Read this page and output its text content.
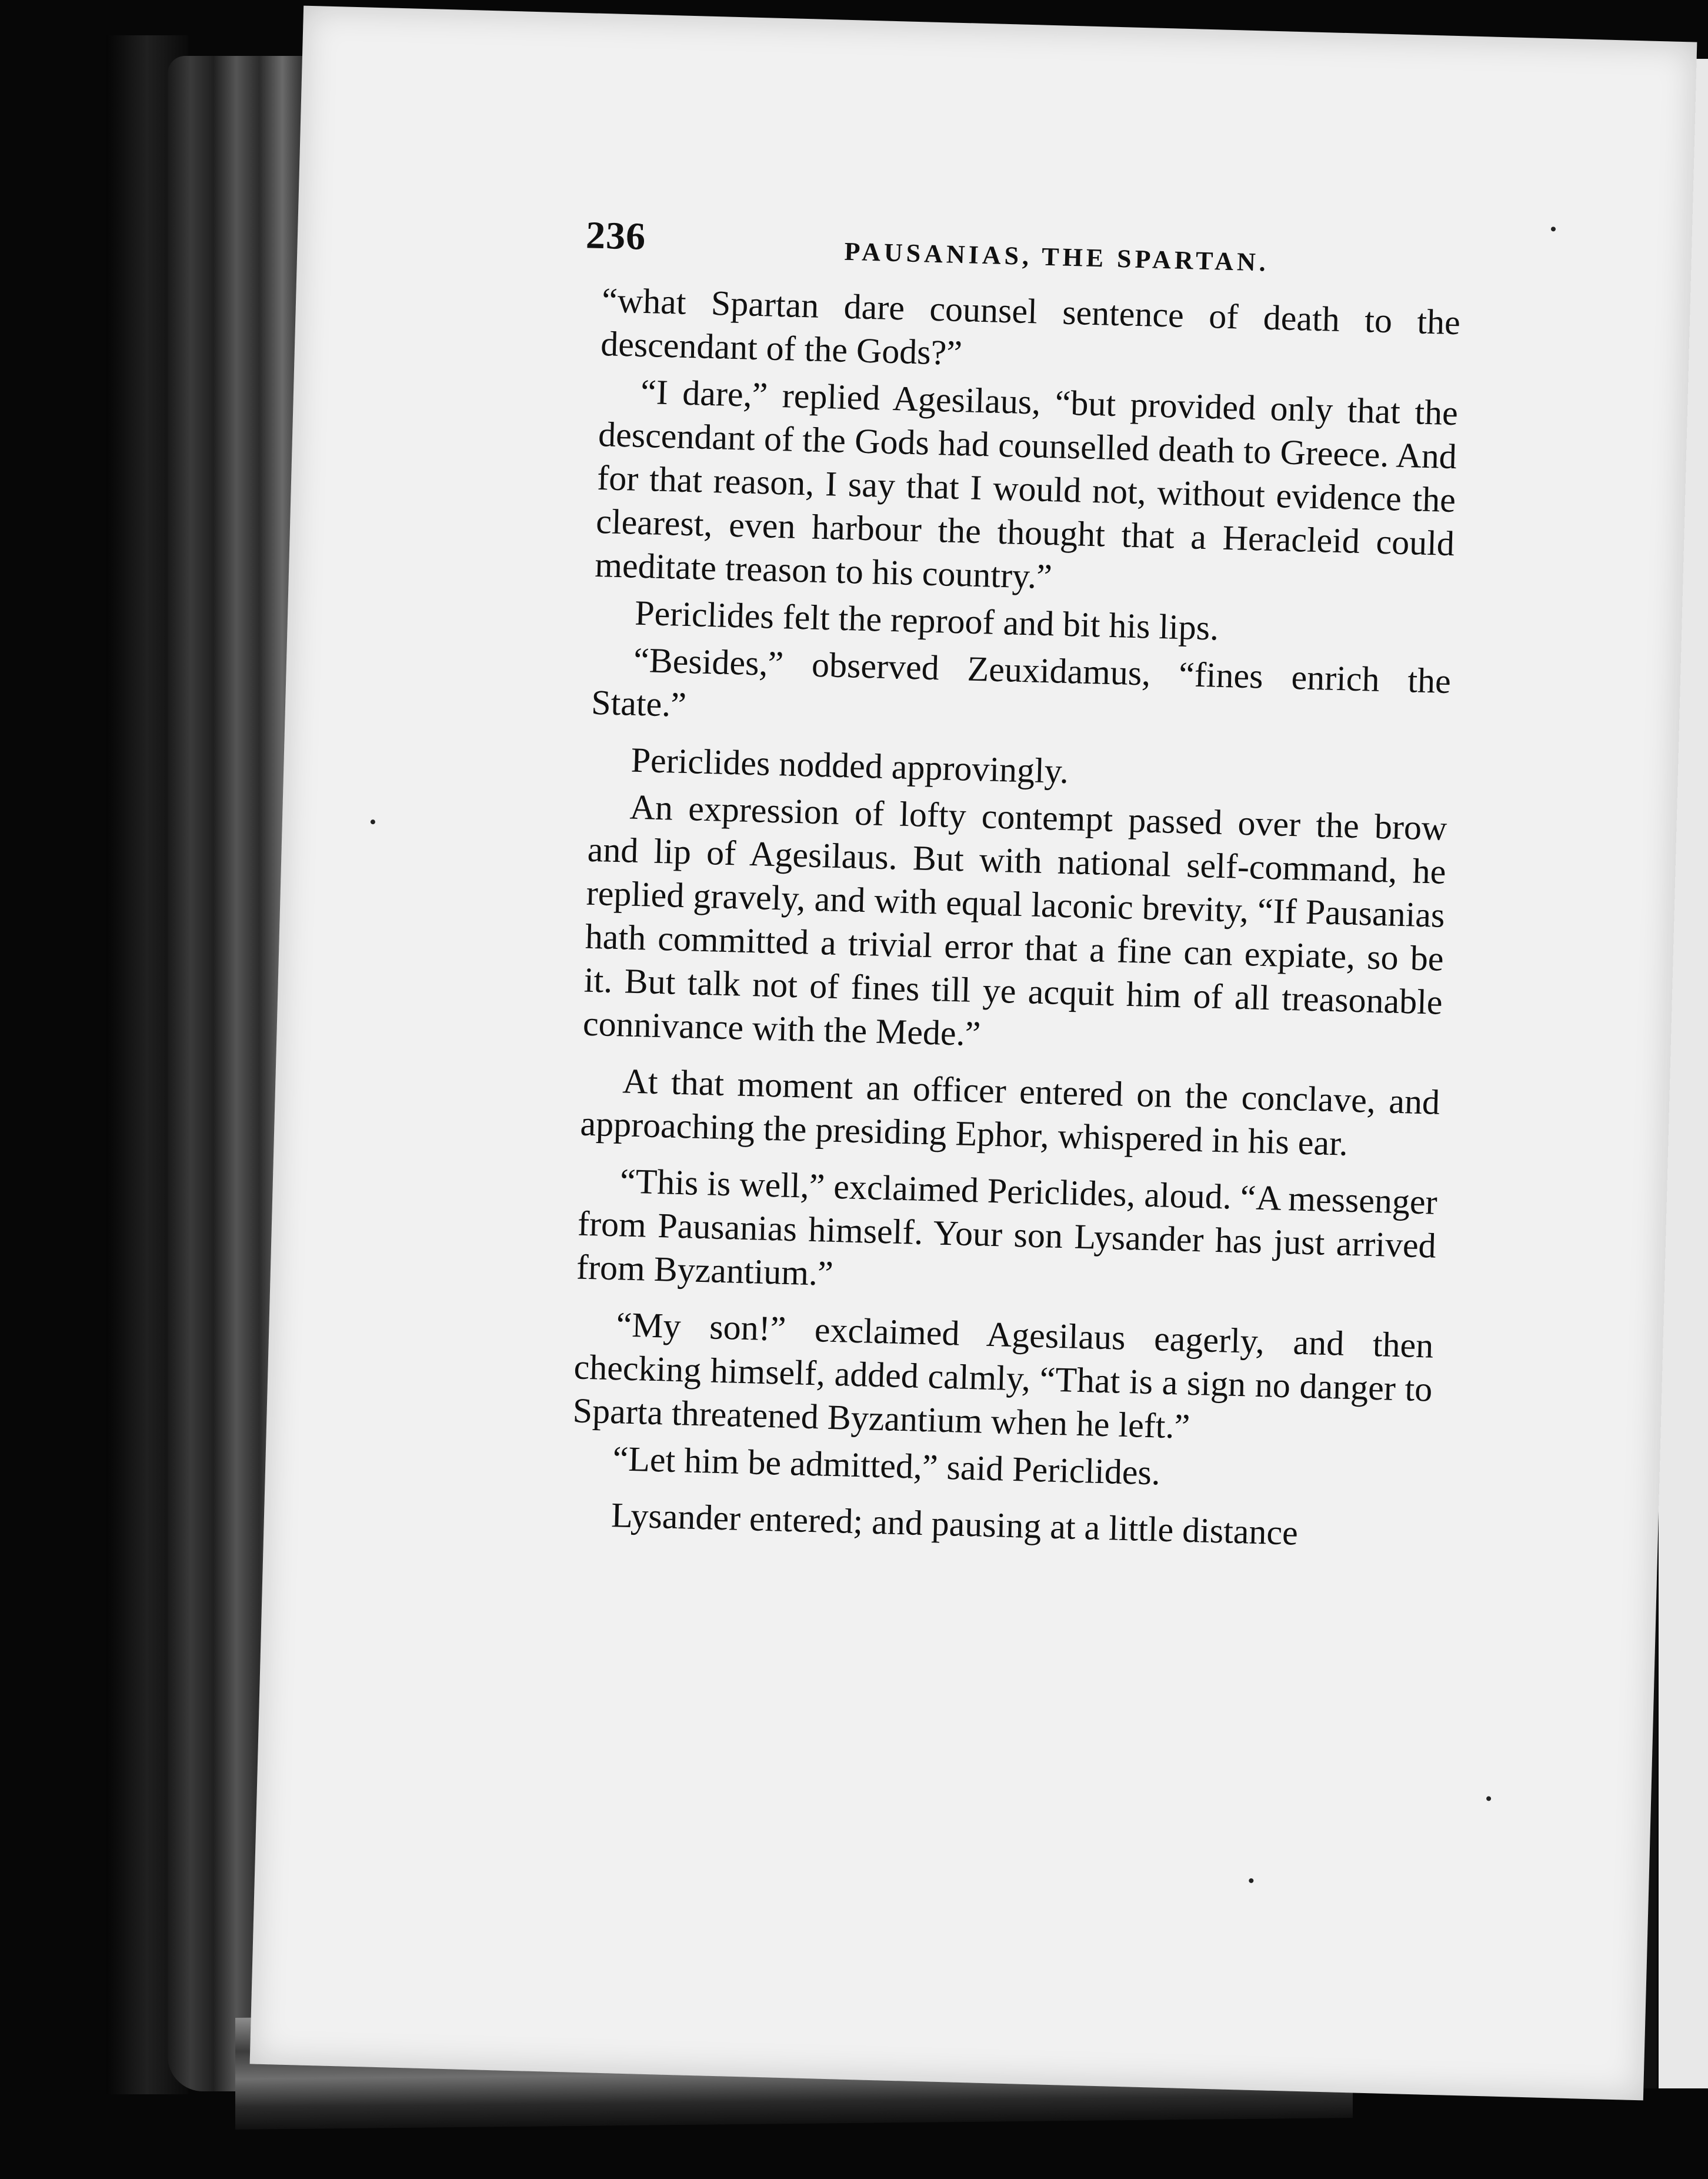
236	PAUSANIAS, THE SPARTAN.

“what Spartan dare counsel sentence of death to the descendant of the Gods?”

“I dare,” replied Agesilaus, “but provided only that the descendant of the Gods had counselled death to Greece. And for that reason, I say that I would not, without evidence the clearest, even harbour the thought that a Heracleid could meditate treason to his country.”

Periclides felt the reproof and bit his lips.

“Besides,” observed Zeuxidamus, “fines enrich the State.”

Periclides nodded approvingly.

An expression of lofty contempt passed over the brow and lip of Agesilaus. But with national self-command, he replied gravely, and with equal laconic brevity, “If Pausanias hath committed a trivial error that a fine can expiate, so be it. But talk not of fines till ye acquit him of all treasonable connivance with the Mede.”

At that moment an officer entered on the conclave, and approaching the presiding Ephor, whispered in his ear.

“This is well,” exclaimed Periclides, aloud. “A messenger from Pausanias himself. Your son Lysander has just arrived from Byzantium.”

“My son!” exclaimed Agesilaus eagerly, and then checking himself, added calmly, “That is a sign no danger to Sparta threatened Byzantium when he left.”

“Let him be admitted,” said Periclides.

Lysander entered; and pausing at a little distance
